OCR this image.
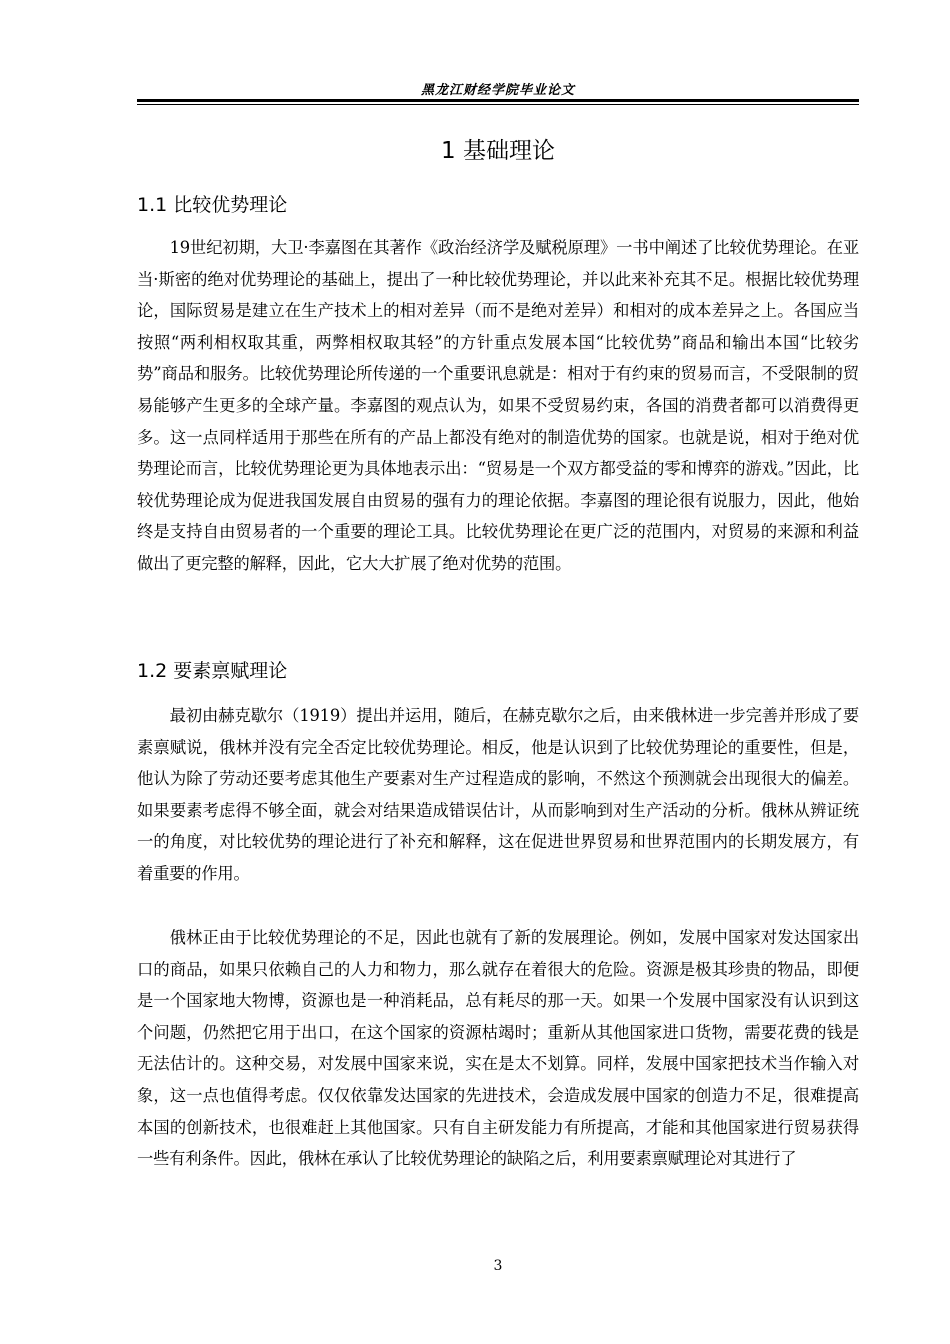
黑龙江财经学院毕业论文
1 基础理论
1.1 比较优势理论

19世纪初期，大卫·李嘉图在其著作《政治经济学及赋税原理》一书中阐述了比较优势理论。在亚当·斯密的绝对优势理论的基础上，提出了一种比较优势理论，并以此来补充其不足。根据比较优势理论，国际贸易是建立在生产技术上的相对差异（而不是绝对差异）和相对的成本差异之上。各国应当按照“两利相权取其重，两弊相权取其轻”的方针重点发展本国“比较优势”商品和输出本国“比较劣势”商品和服务。比较优势理论所传递的一个重要讯息就是：相对于有约束的贸易而言，不受限制的贸易能够产生更多的全球产量。李嘉图的观点认为，如果不受贸易约束，各国的消费者都可以消费得更多。这一点同样适用于那些在所有的产品上都没有绝对的制造优势的国家。也就是说，相对于绝对优势理论而言，比较优势理论更为具体地表示出：“贸易是一个双方都受益的零和博弈的游戏。”因此，比较优势理论成为促进我国发展自由贸易的强有力的理论依据。李嘉图的理论很有说服力，因此，他始终是支持自由贸易者的一个重要的理论工具。比较优势理论在更广泛的范围内，对贸易的来源和利益做出了更完整的解释，因此，它大大扩展了绝对优势的范围。

1.2 要素禀赋理论

最初由赫克歇尔（1919）提出并运用，随后，在赫克歇尔之后，由来俄林进一步完善并形成了要素禀赋说，俄林并没有完全否定比较优势理论。相反，他是认识到了比较优势理论的重要性，但是，他认为除了劳动还要考虑其他生产要素对生产过程造成的影响，不然这个预测就会出现很大的偏差。如果要素考虑得不够全面，就会对结果造成错误估计，从而影响到对生产活动的分析。俄林从辨证统一的角度，对比较优势的理论进行了补充和解释，这在促进世界贸易和世界范围内的长期发展方，有着重要的作用。

俄林正由于比较优势理论的不足，因此也就有了新的发展理论。例如，发展中国家对发达国家出口的商品，如果只依赖自己的人力和物力，那么就存在着很大的危险。资源是极其珍贵的物品，即便是一个国家地大物博，资源也是一种消耗品，总有耗尽的那一天。如果一个发展中国家没有认识到这个问题，仍然把它用于出口，在这个国家的资源枯竭时；重新从其他国家进口货物，需要花费的钱是无法估计的。这种交易，对发展中国家来说，实在是太不划算。同样，发展中国家把技术当作输入对象，这一点也值得考虑。仅仅依靠发达国家的先进技术，会造成发展中国家的创造力不足，很难提高本国的创新技术，也很难赶上其他国家。只有自主研发能力有所提高，才能和其他国家进行贸易获得一些有利条件。因此，俄林在承认了比较优势理论的缺陷之后，利用要素禀赋理论对其进行了

3
